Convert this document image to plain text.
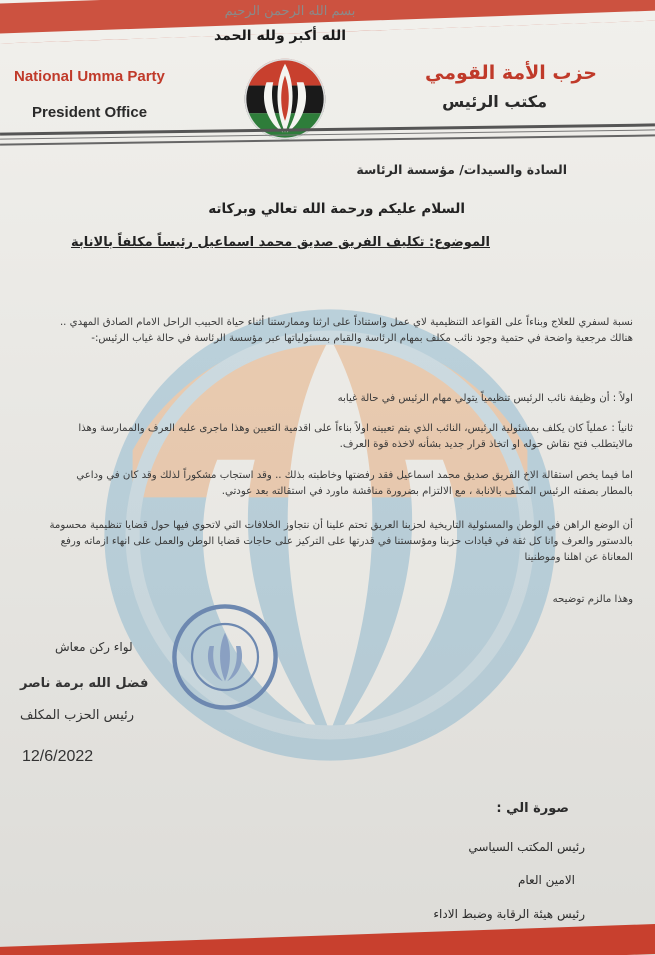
بسم الله الرحمن الرحيم
الله أكبر ولله الحمد
National Umma Party
President Office
حزب الأمة القومي
مكتب الرئيس
السادة والسيدات/ مؤسسة الرئاسة
السلام عليكم ورحمة الله تعالي وبركاته
الموضوع: تكليف الفريق صديق محمد اسماعيل رئيساً مكلفاً بالانابة
نسبة لسفري للعلاج وبناءاً على القواعد التنظيمية لاي عمل واستناداً على ارثنا وممارستنا أثناء حياة الحبيب الراحل الامام الصادق المهدي .. هنالك مرجعية واضحة في حتمية وجود نائب مكلف بمهام الرئاسة والقيام بمسئولياتها عبر مؤسسة الرئاسة في حالة غياب الرئيس:-
اولاً : أن وظيفة نائب الرئيس تنظيمياً يتولي مهام الرئيس في حالة غيابه
ثانياً : عملياً كان يكلف بمسئولية الرئيس، النائب الذي يتم تعيينه اولاً بناءاً على اقدمية التعيين وهذا ماجرى عليه العرف والممارسة وهذا مالايتطلب فتح نقاش حوله او اتخاذ قرار جديد بشأنه لاخذه قوة العرف.
اما فيما يخص استقالة الاخ الفريق صديق محمد اسماعيل فقد رفضتها وخاطبته بذلك .. وقد استجاب مشكوراً لذلك وقد كان في وداعي بالمطار بصفته الرئيس المكلف بالانابة ، مع الالتزام بضرورة مناقشة ماورد في استقالته بعد عودتي.
أن الوضع الراهن في الوطن والمسئولية التاريخية لحزبنا العريق تحتم علينا أن نتجاوز الخلافات التي لاتحوي فيها حول قضايا تنظيمية محسومة بالدستور والعرف وانا كل ثقة في قيادات حزبنا ومؤسستنا في قدرتها على التركيز على حاجات قضايا الوطن والعمل على انهاء ازماته ورفع المعاناة عن اهلنا وموطنينا
وهذا مالزم توضيحه
لواء ركن معاش
فضل الله برمة ناصر
رئيس الحزب المكلف
12/6/2022
صورة الي :
رئيس المكتب السياسي
الامين العام
رئيس هيئة الرقابة وضبط الاداء
